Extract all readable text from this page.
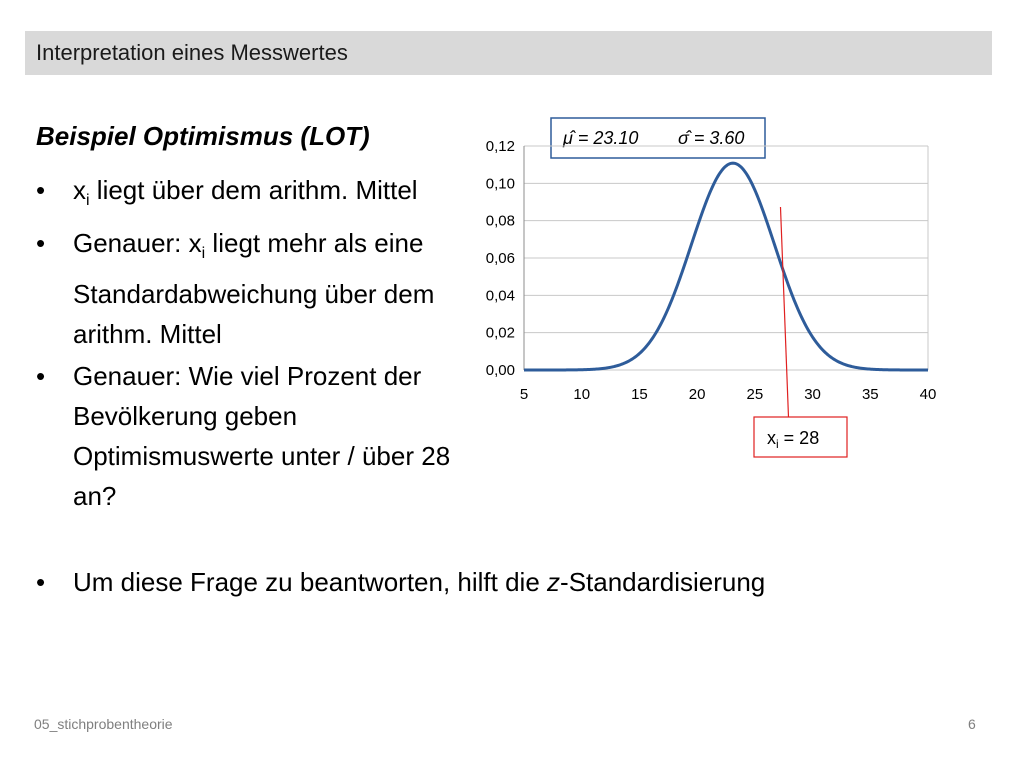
Interpretation eines Messwertes
Beispiel Optimismus (LOT)
• $x_i$ liegt über dem arithm. Mittel
• Genauer: $x_i$ liegt mehr als eine Standardabweichung über dem arithm. Mittel
• Genauer: Wie viel Prozent der Bevölkerung geben Optimismuswerte unter / über 28 an?
• Um diese Frage zu beantworten, hilft die z-Standardisierung
μ̂ = 23.10 σ̂ = 3.60
0,00
0,02
0,04
0,06
0,08
0,10
0,12
5	10	15	20	25	30	35	40
$x_i = 28$
05_stichprobentheorie	6
